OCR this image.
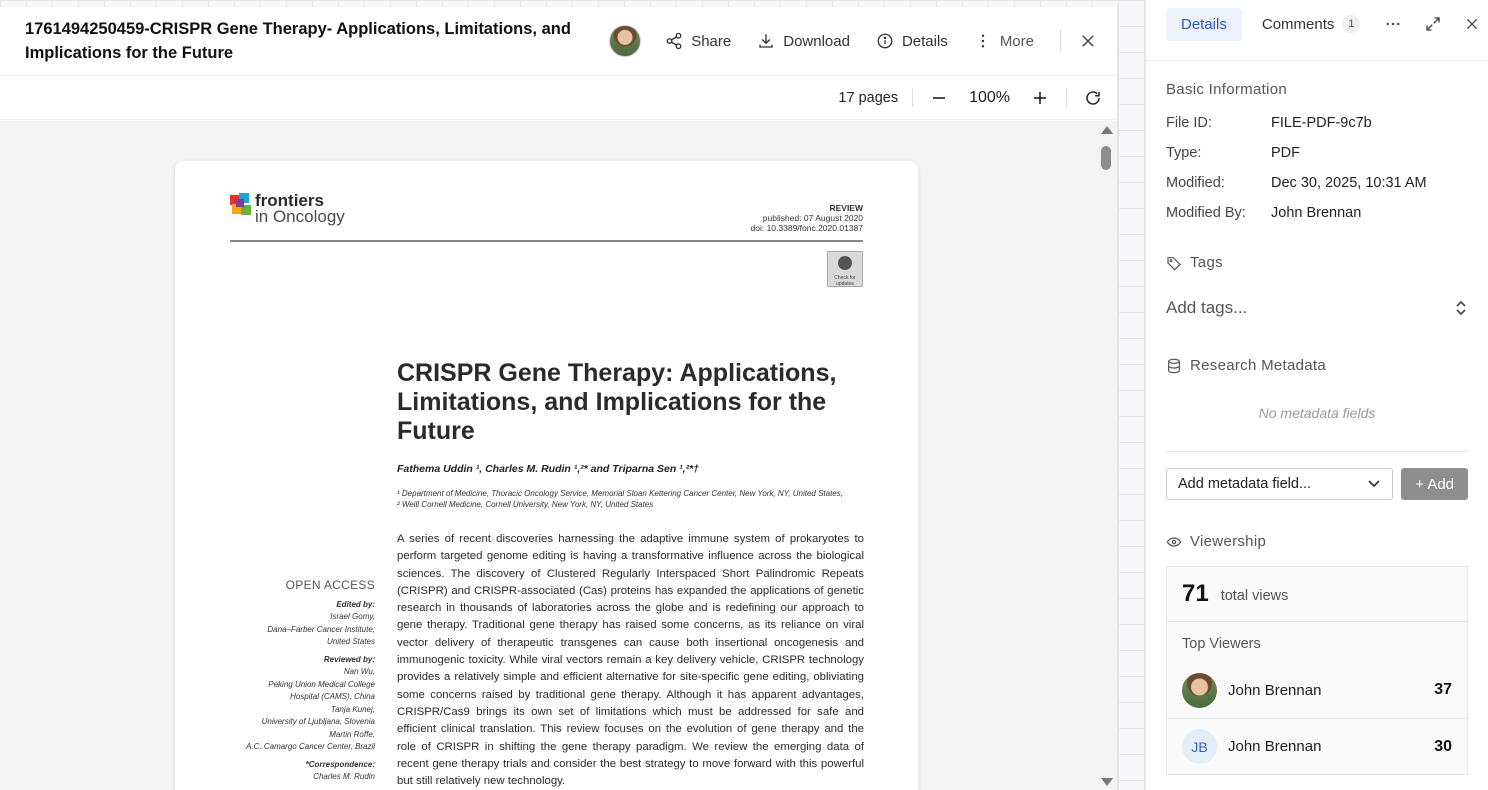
1761494250459-CRISPR Gene Therapy- Applications, Limitations, and Implications for the Future
Share	Download	Details	More
17 pages	100%
frontiers
in Oncology	REVIEW
published: 07 August 2020
doi: 10.3389/fonc.2020.01387
Check for updates
CRISPR Gene Therapy: Applications, Limitations, and Implications for the Future
Fathema Uddin ¹, Charles M. Rudin ¹,²* and Triparna Sen ¹,²*†
¹ Department of Medicine, Thoracic Oncology Service, Memorial Sloan Kettering Cancer Center, New York, NY, United States, ² Weill Cornell Medicine, Cornell University, New York, NY, United States
A series of recent discoveries harnessing the adaptive immune system of prokaryotes to perform targeted genome editing is having a transformative influence across the biological sciences. The discovery of Clustered Regularly Interspaced Short Palindromic Repeats (CRISPR) and CRISPR-associated (Cas) proteins has expanded the applications of genetic research in thousands of laboratories across the globe and is redefining our approach to gene therapy. Traditional gene therapy has raised some concerns, as its reliance on viral vector delivery of therapeutic transgenes can cause both insertional oncogenesis and immunogenic toxicity. While viral vectors remain a key delivery vehicle, CRISPR technology provides a relatively simple and efficient alternative for site-specific gene editing, obliviating some concerns raised by traditional gene therapy. Although it has apparent advantages, CRISPR/Cas9 brings its own set of limitations which must be addressed for safe and efficient clinical translation. This review focuses on the evolution of gene therapy and the role of CRISPR in shifting the gene therapy paradigm. We review the emerging data of recent gene therapy trials and consider the best strategy to move forward with this powerful but still relatively new technology.
OPEN ACCESS
Edited by:
Israel Gomy,
Dana–Farber Cancer Institute,
United States
Reviewed by:
Nan Wu,
Peking Union Medical College
Hospital (CAMS), China
Tanja Kunej,
University of Ljubljana, Slovenia
Martin Roffe,
A.C. Camargo Cancer Center, Brazil
*Correspondence:
Charles M. Rudin
Details	Comments	1
Basic Information
File ID:	FILE-PDF-9c7b
Type:	PDF
Modified:	Dec 30, 2025, 10:31 AM
Modified By:	John Brennan
Tags
Add tags...
Research Metadata
No metadata fields
Add metadata field...	+ Add
Viewership
71 total views
Top Viewers
John Brennan	37
JB	John Brennan	30
